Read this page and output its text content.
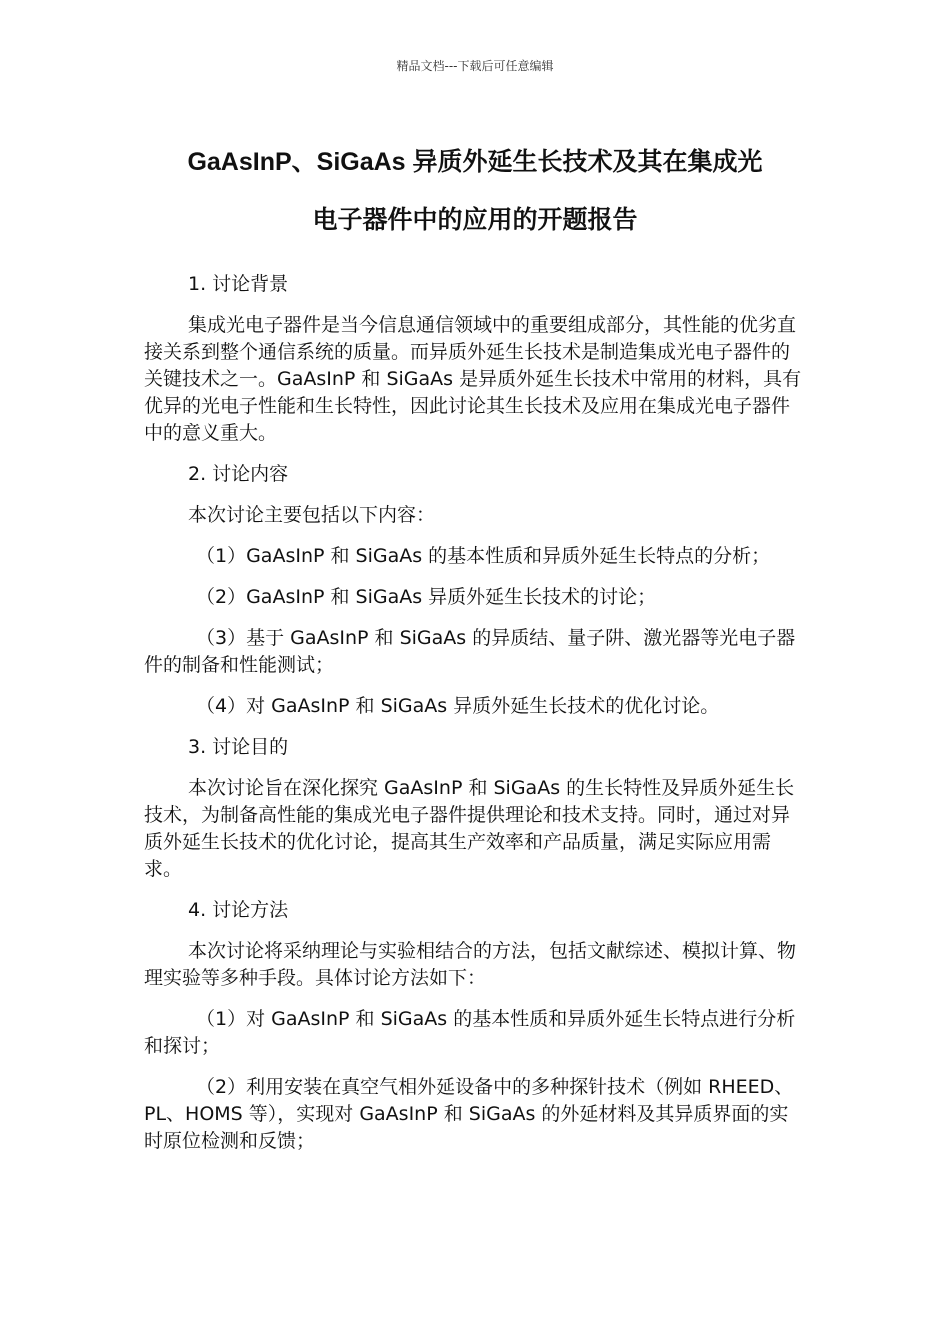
精品文档---下载后可任意编辑
GaAsInP、SiGaAs 异质外延生长技术及其在集成光
电子器件中的应用的开题报告

1. 讨论背景

集成光电子器件是当今信息通信领域中的重要组成部分，其性能的优劣直接关系到整个通信系统的质量。而异质外延生长技术是制造集成光电子器件的关键技术之一。GaAsInP 和 SiGaAs 是异质外延生长技术中常用的材料，具有优异的光电子性能和生长特性，因此讨论其生长技术及应用在集成光电子器件中的意义重大。

2. 讨论内容

本次讨论主要包括以下内容：

（1）GaAsInP 和 SiGaAs 的基本性质和异质外延生长特点的分析；

（2）GaAsInP 和 SiGaAs 异质外延生长技术的讨论；

（3）基于 GaAsInP 和 SiGaAs 的异质结、量子阱、激光器等光电子器件的制备和性能测试；

（4）对 GaAsInP 和 SiGaAs 异质外延生长技术的优化讨论。

3. 讨论目的

本次讨论旨在深化探究 GaAsInP 和 SiGaAs 的生长特性及异质外延生长技术，为制备高性能的集成光电子器件提供理论和技术支持。同时，通过对异质外延生长技术的优化讨论，提高其生产效率和产品质量，满足实际应用需求。

4. 讨论方法

本次讨论将采纳理论与实验相结合的方法，包括文献综述、模拟计算、物理实验等多种手段。具体讨论方法如下：

（1）对 GaAsInP 和 SiGaAs 的基本性质和异质外延生长特点进行分析和探讨；

（2）利用安装在真空气相外延设备中的多种探针技术（例如 RHEED、PL、HOMS 等），实现对 GaAsInP 和 SiGaAs 的外延材料及其异质界面的实时原位检测和反馈；
